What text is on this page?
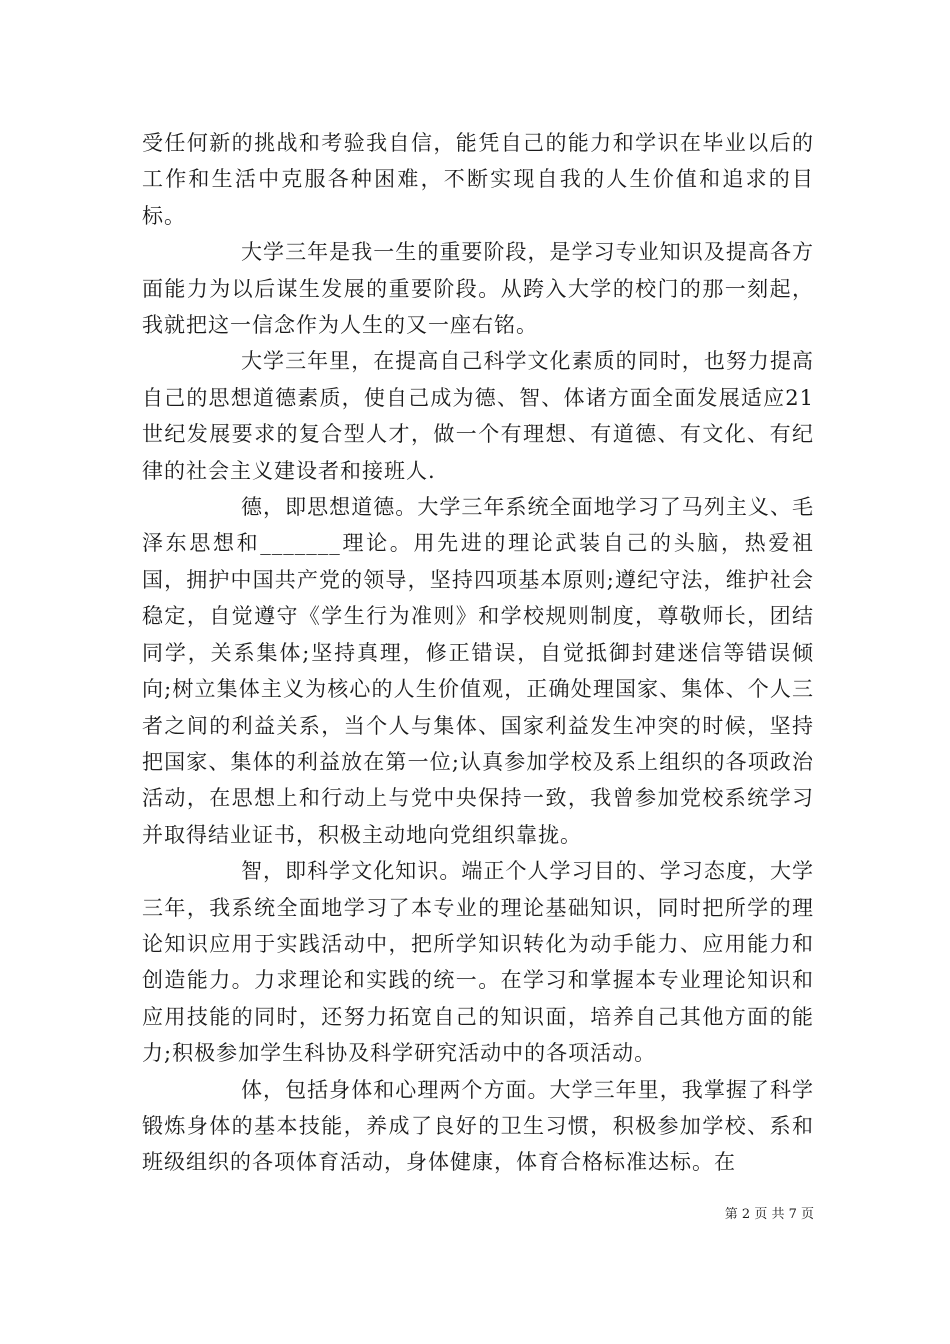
受任何新的挑战和考验我自信，能凭自己的能力和学识在毕业以后的工作和生活中克服各种困难，不断实现自我的人生价值和追求的目标。

大学三年是我一生的重要阶段，是学习专业知识及提高各方面能力为以后谋生发展的重要阶段。从跨入大学的校门的那一刻起，我就把这一信念作为人生的又一座右铭。

大学三年里，在提高自己科学文化素质的同时，也努力提高自己的思想道德素质，使自己成为德、智、体诸方面全面发展适应21世纪发展要求的复合型人才，做一个有理想、有道德、有文化、有纪律的社会主义建设者和接班人.

德，即思想道德。大学三年系统全面地学习了马列主义、毛泽东思想和_______理论。用先进的理论武装自己的头脑，热爱祖国，拥护中国共产党的领导，坚持四项基本原则;遵纪守法，维护社会稳定，自觉遵守《学生行为准则》和学校规则制度，尊敬师长，团结同学，关系集体;坚持真理，修正错误，自觉抵御封建迷信等错误倾向;树立集体主义为核心的人生价值观，正确处理国家、集体、个人三者之间的利益关系，当个人与集体、国家利益发生冲突的时候，坚持把国家、集体的利益放在第一位;认真参加学校及系上组织的各项政治活动，在思想上和行动上与党中央保持一致，我曾参加党校系统学习并取得结业证书，积极主动地向党组织靠拢。

智，即科学文化知识。端正个人学习目的、学习态度，大学三年，我系统全面地学习了本专业的理论基础知识，同时把所学的理论知识应用于实践活动中，把所学知识转化为动手能力、应用能力和创造能力。力求理论和实践的统一。在学习和掌握本专业理论知识和应用技能的同时，还努力拓宽自己的知识面，培养自己其他方面的能力;积极参加学生科协及科学研究活动中的各项活动。

体，包括身体和心理两个方面。大学三年里，我掌握了科学锻炼身体的基本技能，养成了良好的卫生习惯，积极参加学校、系和班级组织的各项体育活动，身体健康，体育合格标准达标。在

第 2 页 共 7 页
